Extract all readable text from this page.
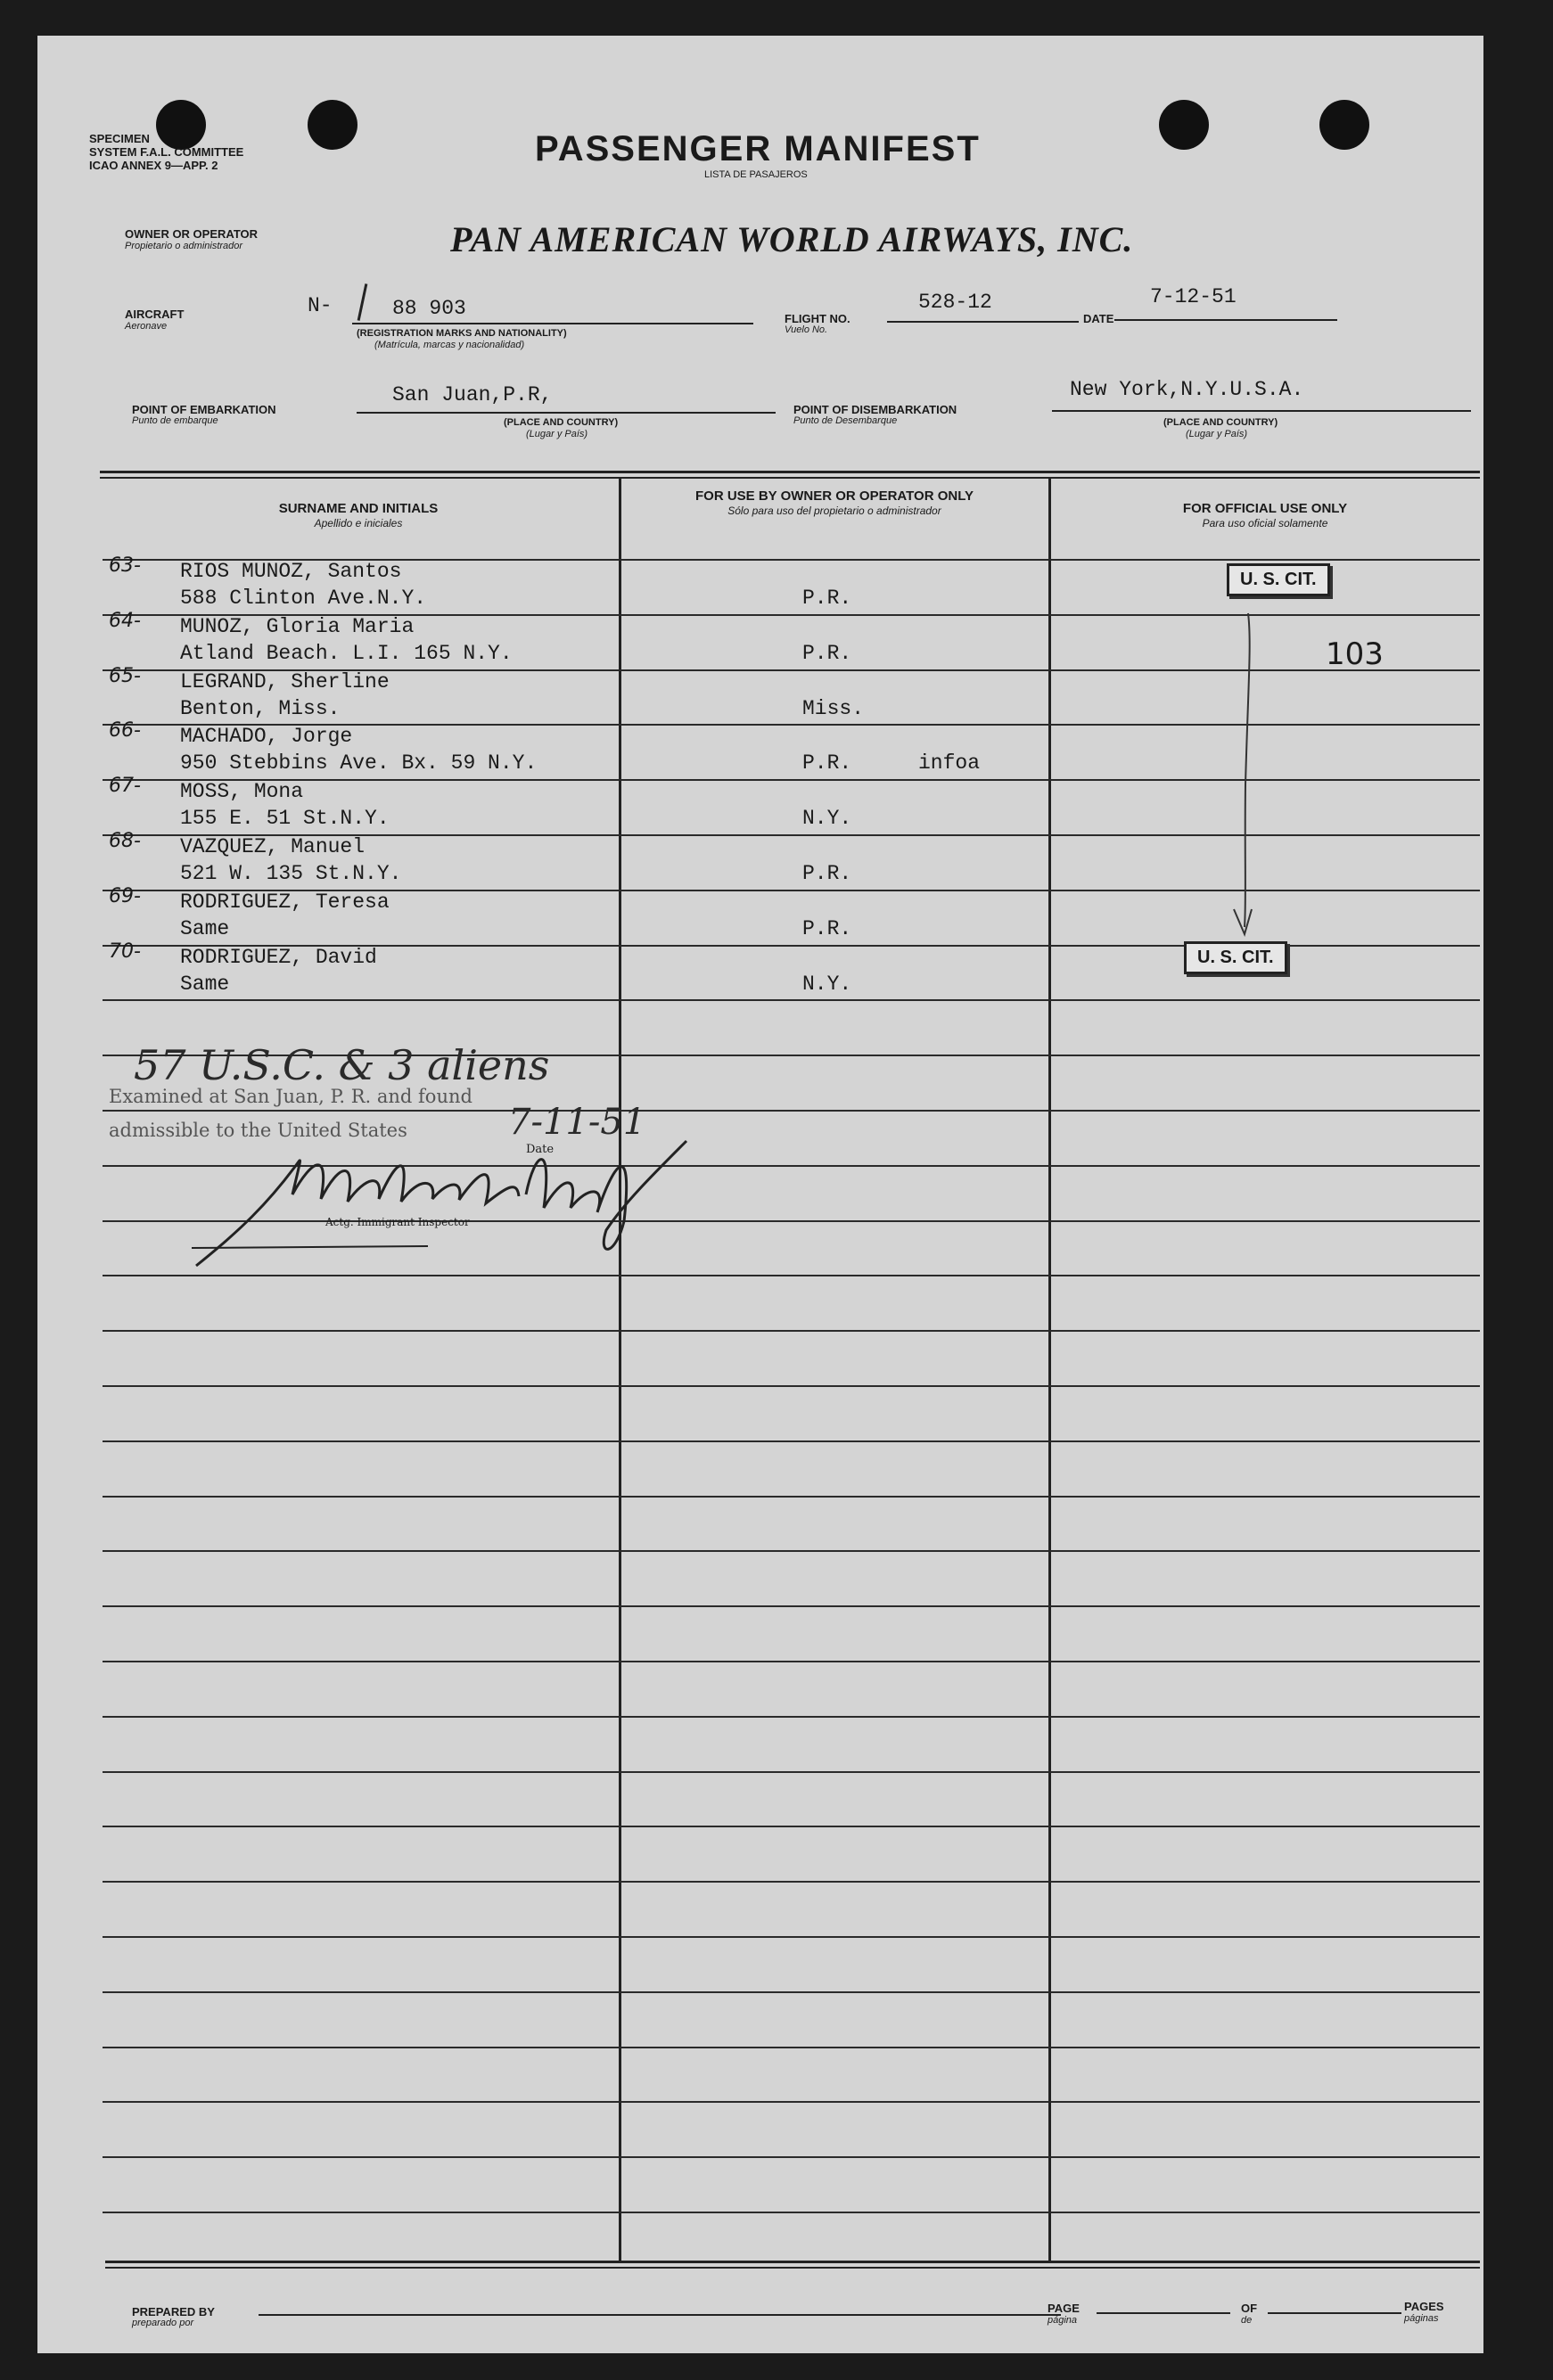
SPECIMEN
SYSTEM F.A.L. COMMITTEE
ICAO ANNEX 9—APP. 2	PASSENGER MANIFEST
LISTA DE PASAJEROS
OWNER OR OPERATOR
Propietario o administrador	PAN AMERICAN WORLD AIRWAYS, INC.
AIRCRAFT
Aeronave
N-	88 903
(REGISTRATION MARKS AND NATIONALITY)
(Matrícula, marcas y nacionalidad)
FLIGHT NO.
Vuelo No.
528-12
DATE
7-12-51
POINT OF EMBARKATION
Punto de embarque
San Juan,P.R,
(PLACE AND COUNTRY)
(Lugar y País)
POINT OF DISEMBARKATION
Punto de Desembarque
New York,N.Y.U.S.A.
(PLACE AND COUNTRY)
(Lugar y País)
SURNAME AND INITIALS
Apellido e iniciales
FOR USE BY OWNER OR OPERATOR ONLY
Sólo para uso del propietario o administrador	FOR OFFICIAL USE ONLY
Para uso oficial solamente
63- RIOS MUNOZ, Santos
588 Clinton Ave.N.Y.	P.R.
64- MUNOZ, Gloria Maria
Atland Beach. L.I. 165 N.Y.	P.R.
65- LEGRAND, Sherline
Benton, Miss.	Miss.
66- MACHADO, Jorge
950 Stebbins Ave. Bx. 59 N.Y.	P.R.	infoa
67- MOSS, Mona
155 E. 51 St.N.Y.	N.Y.
68- VAZQUEZ, Manuel
521 W. 135 St.N.Y.	P.R.
69- RODRIGUEZ, Teresa
Same	P.R.
70- RODRIGUEZ, David
Same	N.Y.
U. S. CIT.
U. S. CIT.
103
57 U.S.C. & 3 aliens
Examined at San Juan, P. R. and found
admissible to the United States	7-11-51
Date
Actg. Immigrant Inspector
PREPARED BY
preparado por
PAGE
página
OF
de
PAGES
páginas
